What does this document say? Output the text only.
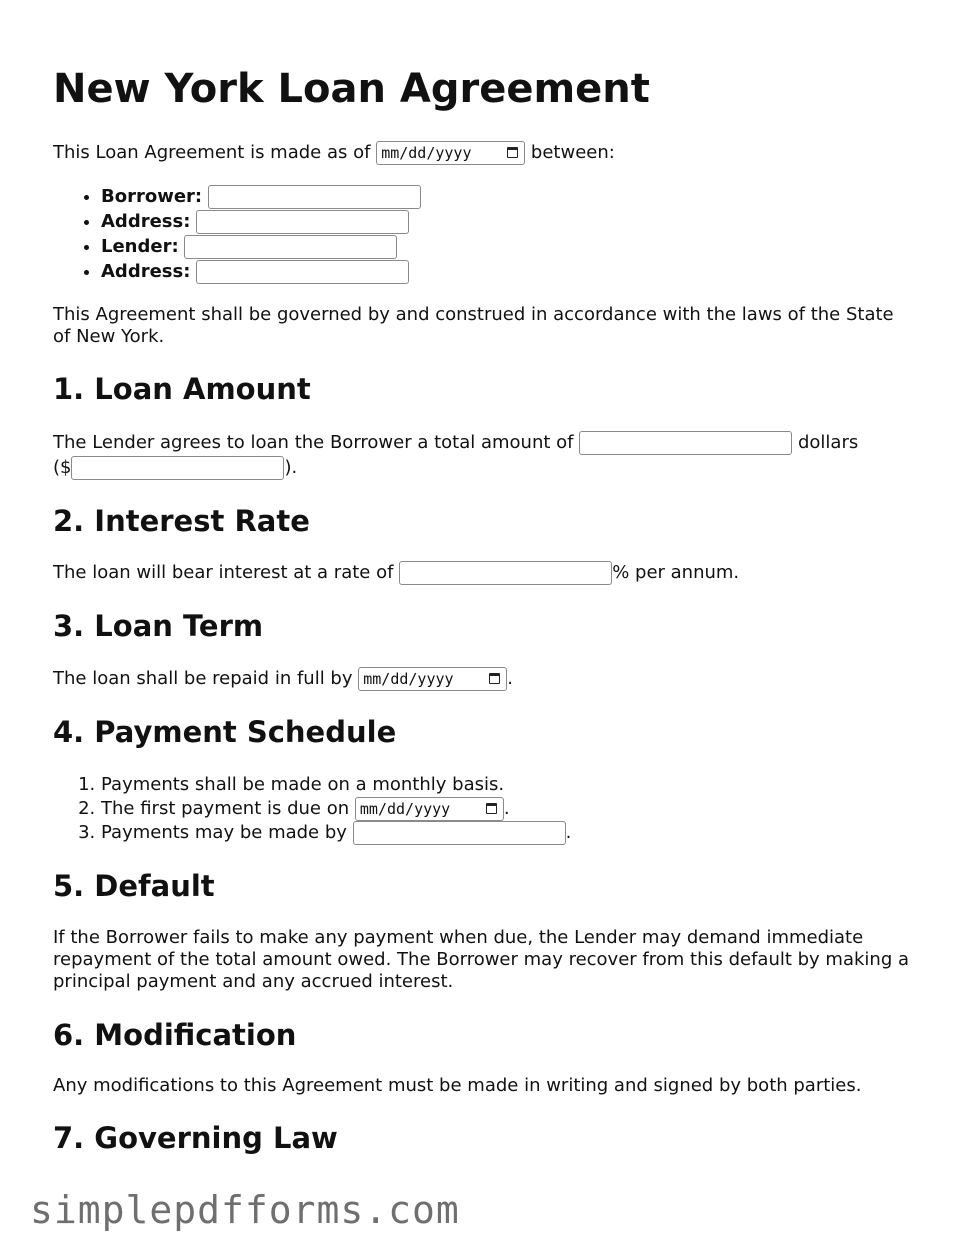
New York Loan Agreement
This Loan Agreement is made as of mm/dd/yyyy	between:
• Borrower:
• Address:
• Lender:
• Address:
This Agreement shall be governed by and construed in accordance with the laws of the State of New York.
1. Loan Amount
The Lender agrees to loan the Borrower a total amount of	dollars
($	).
2. Interest Rate
The loan will bear interest at a rate of	% per annum.
3. Loan Term
The loan shall be repaid in full by mm/dd/yyyy	.
4. Payment Schedule
1. Payments shall be made on a monthly basis.
2. The first payment is due on mm/dd/yyyy	.
3. Payments may be made by	.
5. Default
If the Borrower fails to make any payment when due, the Lender may demand immediate repayment of the total amount owed. The Borrower may recover from this default by making a principal payment and any accrued interest.
6. Modification
Any modifications to this Agreement must be made in writing and signed by both parties.
7. Governing Law
simplepdfforms.com
